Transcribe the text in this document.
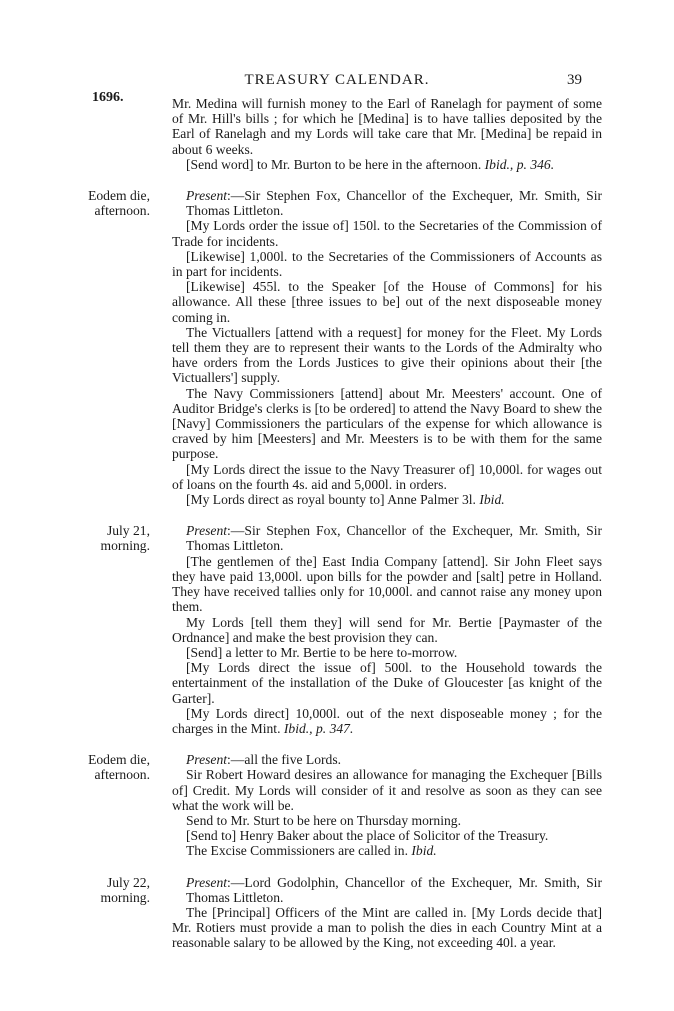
1696.
TREASURY CALENDAR.	39

Mr. Medina will furnish money to the Earl of Ranelagh for payment of some of Mr. Hill's bills ; for which he [Medina] is to have tallies deposited by the Earl of Ranelagh and my Lords will take care that Mr. [Medina] be repaid in about 6 weeks.

[Send word] to Mr. Burton to be here in the afternoon. Ibid., p. 346.

Eodem die,
afternoon.

Present:—Sir Stephen Fox, Chancellor of the Exchequer, Mr. Smith, Sir Thomas Littleton.

[My Lords order the issue of] 150l. to the Secretaries of the Commission of Trade for incidents.

[Likewise] 1,000l. to the Secretaries of the Commissioners of Accounts as in part for incidents.

[Likewise] 455l. to the Speaker [of the House of Commons] for his allowance. All these [three issues to be] out of the next disposeable money coming in.

The Victuallers [attend with a request] for money for the Fleet. My Lords tell them they are to represent their wants to the Lords of the Admiralty who have orders from the Lords Justices to give their opinions about their [the Victuallers'] supply.

The Navy Commissioners [attend] about Mr. Meesters' account. One of Auditor Bridge's clerks is [to be ordered] to attend the Navy Board to shew the [Navy] Commissioners the particulars of the expense for which allowance is craved by him [Meesters] and Mr. Meesters is to be with them for the same purpose.

[My Lords direct the issue to the Navy Treasurer of] 10,000l. for wages out of loans on the fourth 4s. aid and 5,000l. in orders.

[My Lords direct as royal bounty to] Anne Palmer 3l. Ibid.

July 21,
morning.

Present:—Sir Stephen Fox, Chancellor of the Exchequer, Mr. Smith, Sir Thomas Littleton.

[The gentlemen of the] East India Company [attend]. Sir John Fleet says they have paid 13,000l. upon bills for the powder and [salt] petre in Holland. They have received tallies only for 10,000l. and cannot raise any money upon them.

My Lords [tell them they] will send for Mr. Bertie [Paymaster of the Ordnance] and make the best provision they can.

[Send] a letter to Mr. Bertie to be here to-morrow.

[My Lords direct the issue of] 500l. to the Household towards the entertainment of the installation of the Duke of Gloucester [as knight of the Garter].

[My Lords direct] 10,000l. out of the next disposeable money ; for the charges in the Mint. Ibid., p. 347.

Eodem die,
afternoon.

Present:—all the five Lords.

Sir Robert Howard desires an allowance for managing the Exchequer [Bills of] Credit. My Lords will consider of it and resolve as soon as they can see what the work will be.

Send to Mr. Sturt to be here on Thursday morning.

[Send to] Henry Baker about the place of Solicitor of the Treasury.

The Excise Commissioners are called in. Ibid.

July 22,
morning.

Present:—Lord Godolphin, Chancellor of the Exchequer, Mr. Smith, Sir Thomas Littleton.

The [Principal] Officers of the Mint are called in. [My Lords decide that] Mr. Rotiers must provide a man to polish the dies in each Country Mint at a reasonable salary to be allowed by the King, not exceeding 40l. a year.
